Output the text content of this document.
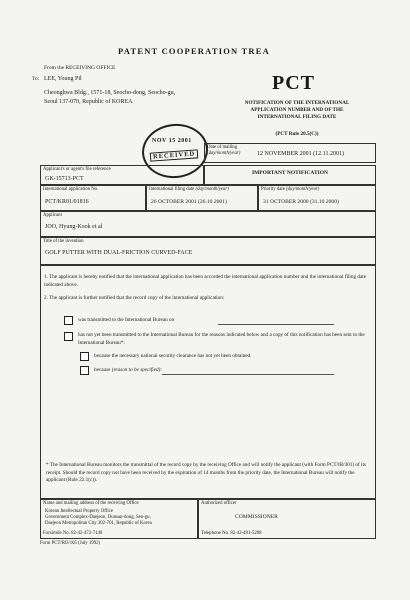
PATENT COOPERATION TREA
From the RECEIVING OFFICE
To: LEE, Young Pil
Cheonghwa Bldg., 1571-18, Seocho-dong, Seocho-gu,
Seoul 137-070, Republic of KOREA
PCT
NOTIFICATION OF THE INTERNATIONAL
APPLICATION NUMBER AND OF THE
INTERNATIONAL FILING DATE
(PCT Rule 20.5(C))
NOV 15 2001
RECEIVED
Date of mailing
(day/month/year)	12 NOVEMBER 2001 (12.11.2001)
Applicant's or agent's file reference
GK-15713-PCT
IMPORTANT NOTIFICATION
International application No.
PCT/KR01/01816
International filing date (day/month/year)
26 OCTOBER 2001 (26.10.2001)
Priority date (day/month/year)
31 OCTOBER 2000 (31.10.2000)
Applicant
JOO, Hyung-Kook et al
Title of the invention
GOLF PUTTER WITH DUAL-FRICTION CURVED-FACE
1. The applicant is hereby notified that the international application has been accorded the international application number and the international filing date indicated above.
2. The applicant is further notified that the record copy of the international application:
was transmitted to the International Bureau on
has not yet been transmitted to the International Bureau for the reasons indicated below and a copy of this notification has been sent to the International Bureau*:
because the necessary national security clearance has not yet been obtained.
because (reason to be specified):
* The International Bureau monitors the transmittal of the record copy by the receiving Office and will notify the applicant (with Form PCT/IB/301) of its receipt. Should the record copy not have been received by the expiration of 14 months from the priority date, the International Bureau will notify the applicant (Rule 22.1(c)).
Name and mailing address of the receiving Office
Korean Intellectual Property Office
Government Complex-Daejeon, Dunsan-dong, Seo-gu,
Daejeon Metropolitan City 302-701, Republic of Korea
Facsimile No. 82-42-472-7140
Authorized officer
COMMISSIONER
Telephone No. 82-42-481-5208
Form PCT/RO/105 (July 1992)
